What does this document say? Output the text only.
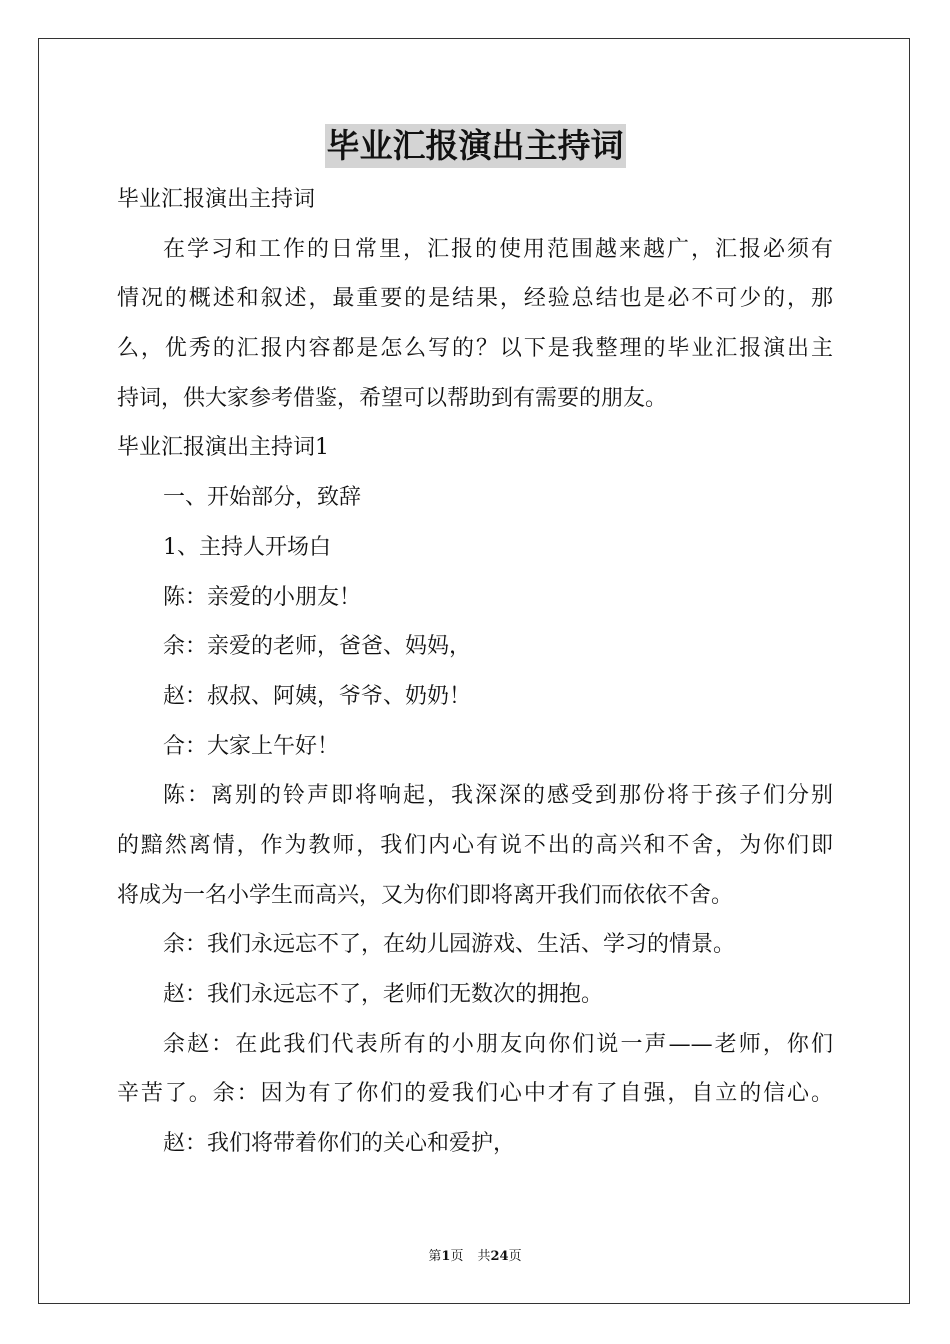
毕业汇报演出主持词

毕业汇报演出主持词

在学习和工作的日常里，汇报的使用范围越来越广，汇报必须有

情况的概述和叙述，最重要的是结果，经验总结也是必不可少的，那

么，优秀的汇报内容都是怎么写的？以下是我整理的毕业汇报演出主

持词，供大家参考借鉴，希望可以帮助到有需要的朋友。

毕业汇报演出主持词1

一、开始部分，致辞

1、主持人开场白

陈：亲爱的小朋友！

余：亲爱的老师，爸爸、妈妈，

赵：叔叔、阿姨，爷爷、奶奶！

合：大家上午好！

陈：离别的铃声即将响起，我深深的感受到那份将于孩子们分别

的黯然离情，作为教师，我们内心有说不出的高兴和不舍，为你们即

将成为一名小学生而高兴，又为你们即将离开我们而依依不舍。

余：我们永远忘不了，在幼儿园游戏、生活、学习的情景。

赵：我们永远忘不了，老师们无数次的拥抱。

余赵：在此我们代表所有的小朋友向你们说一声——老师，你们

辛苦了。余：因为有了你们的爱我们心中才有了自强，自立的信心。

赵：我们将带着你们的关心和爱护，

第1页 共24页
